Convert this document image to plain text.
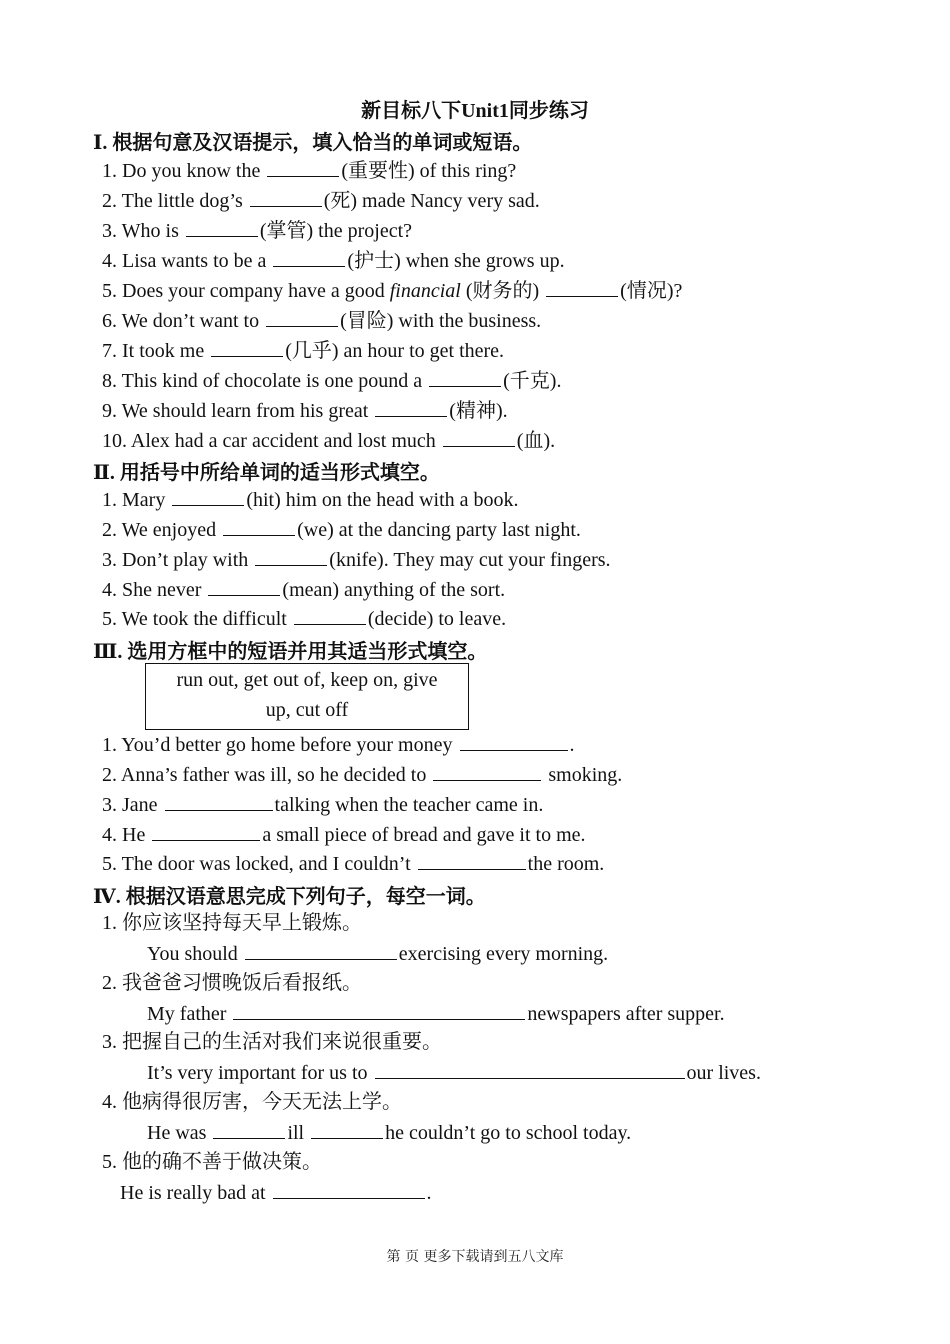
新目标八下Unit1同步练习
Ⅰ. 根据句意及汉语提示，填入恰当的单词或短语。
1. Do you know the	(重要性) of this ring?
2. The little dog’s	(死) made Nancy very sad.
3. Who is	(掌管) the project?
4. Lisa wants to be a	(护士) when she grows up.
5. Does your company have a good financial (财务的)	(情况)?
6. We don’t want to	(冒险) with the business.
7. It took me	(几乎) an hour to get there.
8. This kind of chocolate is one pound a	(千克).
9. We should learn from his great	(精神).
10. Alex had a car accident and lost much	(血).
Ⅱ. 用括号中所给单词的适当形式填空。
1. Mary	(hit) him on the head with a book.
2. We enjoyed	(we) at the dancing party last night.
3. Don’t play with	(knife). They may cut your fingers.
4. She never	(mean) anything of the sort.
5. We took the difficult	(decide) to leave.
Ⅲ. 选用方框中的短语并用其适当形式填空。
run out, get out of, keep on, give
up, cut off
1. You’d better go home before your money	.
2. Anna’s father was ill, so he decided to	smoking.
3. Jane	talking when the teacher came in.
4. He	a small piece of bread and gave it to me.
5. The door was locked, and I couldn’t	the room.
Ⅳ. 根据汉语意思完成下列句子，每空一词。
1. 你应该坚持每天早上锻炼。
You should	exercising every morning.
2. 我爸爸习惯晚饭后看报纸。
My father	newspapers after supper.
3. 把握自己的生活对我们来说很重要。
It’s very important for us to	our lives.
4. 他病得很厉害，今天无法上学。
He was	ill	he couldn’t go to school today.
5. 他的确不善于做决策。
He is really bad at	.
第 页 更多下载请到五八文库
